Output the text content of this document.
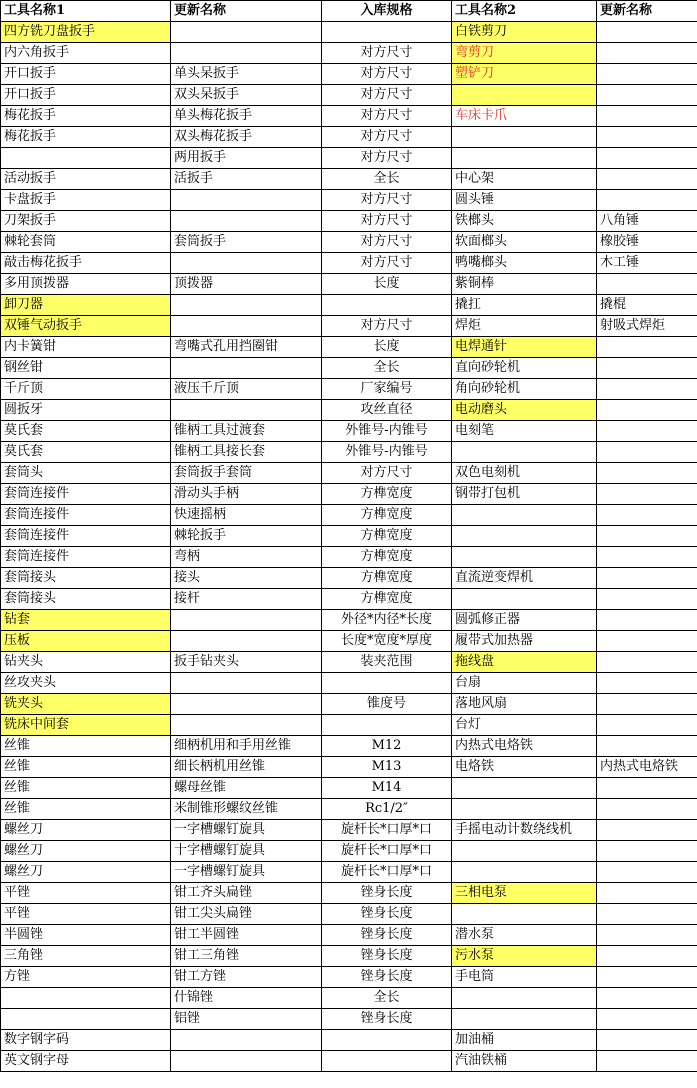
工具名称1	更新名称	入库规格	工具名称2	更新名称
四方铣刀盘扳手			白铁剪刀	
内六角扳手		对方尺寸	弯剪刀	
开口扳手	单头呆扳手	对方尺寸	塑铲刀	
开口扳手	双头呆扳手	对方尺寸		
梅花扳手	单头梅花扳手	对方尺寸	车床卡爪	
梅花扳手	双头梅花扳手	对方尺寸		
	两用扳手	对方尺寸		
活动扳手	活扳手	全长	中心架	
卡盘扳手		对方尺寸	圆头锤	
刀架扳手		对方尺寸	铁榔头	八角锤
棘轮套筒	套筒扳手	对方尺寸	软面榔头	橡胶锤
敲击梅花扳手		对方尺寸	鸭嘴榔头	木工锤
多用顶拨器	顶拨器	长度	紫铜棒	
卸刀器			撬扛	撬棍
双锤气动扳手		对方尺寸	焊炬	射吸式焊炬
内卡簧钳	弯嘴式孔用挡圈钳	长度	电焊通针	
钢丝钳		全长	直向砂轮机	
千斤顶	液压千斤顶	厂家编号	角向砂轮机	
圆扳牙		攻丝直径	电动磨头	
莫氏套	锥柄工具过渡套	外锥号-内锥号	电刻笔	
莫氏套	锥柄工具接长套	外锥号-内锥号		
套筒头	套筒扳手套筒	对方尺寸	双色电刻机	
套筒连接件	滑动头手柄	方榫宽度	钢带打包机	
套筒连接件	快速摇柄	方榫宽度		
套筒连接件	棘轮扳手	方榫宽度		
套筒连接件	弯柄	方榫宽度		
套筒接头	接头	方榫宽度	直流逆变焊机	
套筒接头	接杆	方榫宽度		
钻套		外径*内径*长度	圆弧修正器	
压板		长度*宽度*厚度	履带式加热器	
钻夹头	扳手钻夹头	装夹范围	拖线盘	
丝攻夹头			台扇	
铣夹头		锥度号	落地风扇	
铣床中间套			台灯	
丝锥	细柄机用和手用丝锥	M12	内热式电烙铁	
丝锥	细长柄机用丝锥	M13	电烙铁	内热式电烙铁
丝锥	螺母丝锥	M14		
丝锥	米制锥形螺纹丝锥	Rc1/2″		
螺丝刀	一字槽螺钉旋具	旋杆长*口厚*口	手摇电动计数绕线机	
螺丝刀	十字槽螺钉旋具	旋杆长*口厚*口		
螺丝刀	一字槽螺钉旋具	旋杆长*口厚*口		
平锉	钳工齐头扁锉	锉身长度	三相电泵	
平锉	钳工尖头扁锉	锉身长度		
半圆锉	钳工半圆锉	锉身长度	潜水泵	
三角锉	钳工三角锉	锉身长度	污水泵	
方锉	钳工方锉	锉身长度	手电筒	
	什锦锉	全长		
	铝锉	锉身长度		
数字钢字码			加油桶	
英文钢字母			汽油铁桶	
